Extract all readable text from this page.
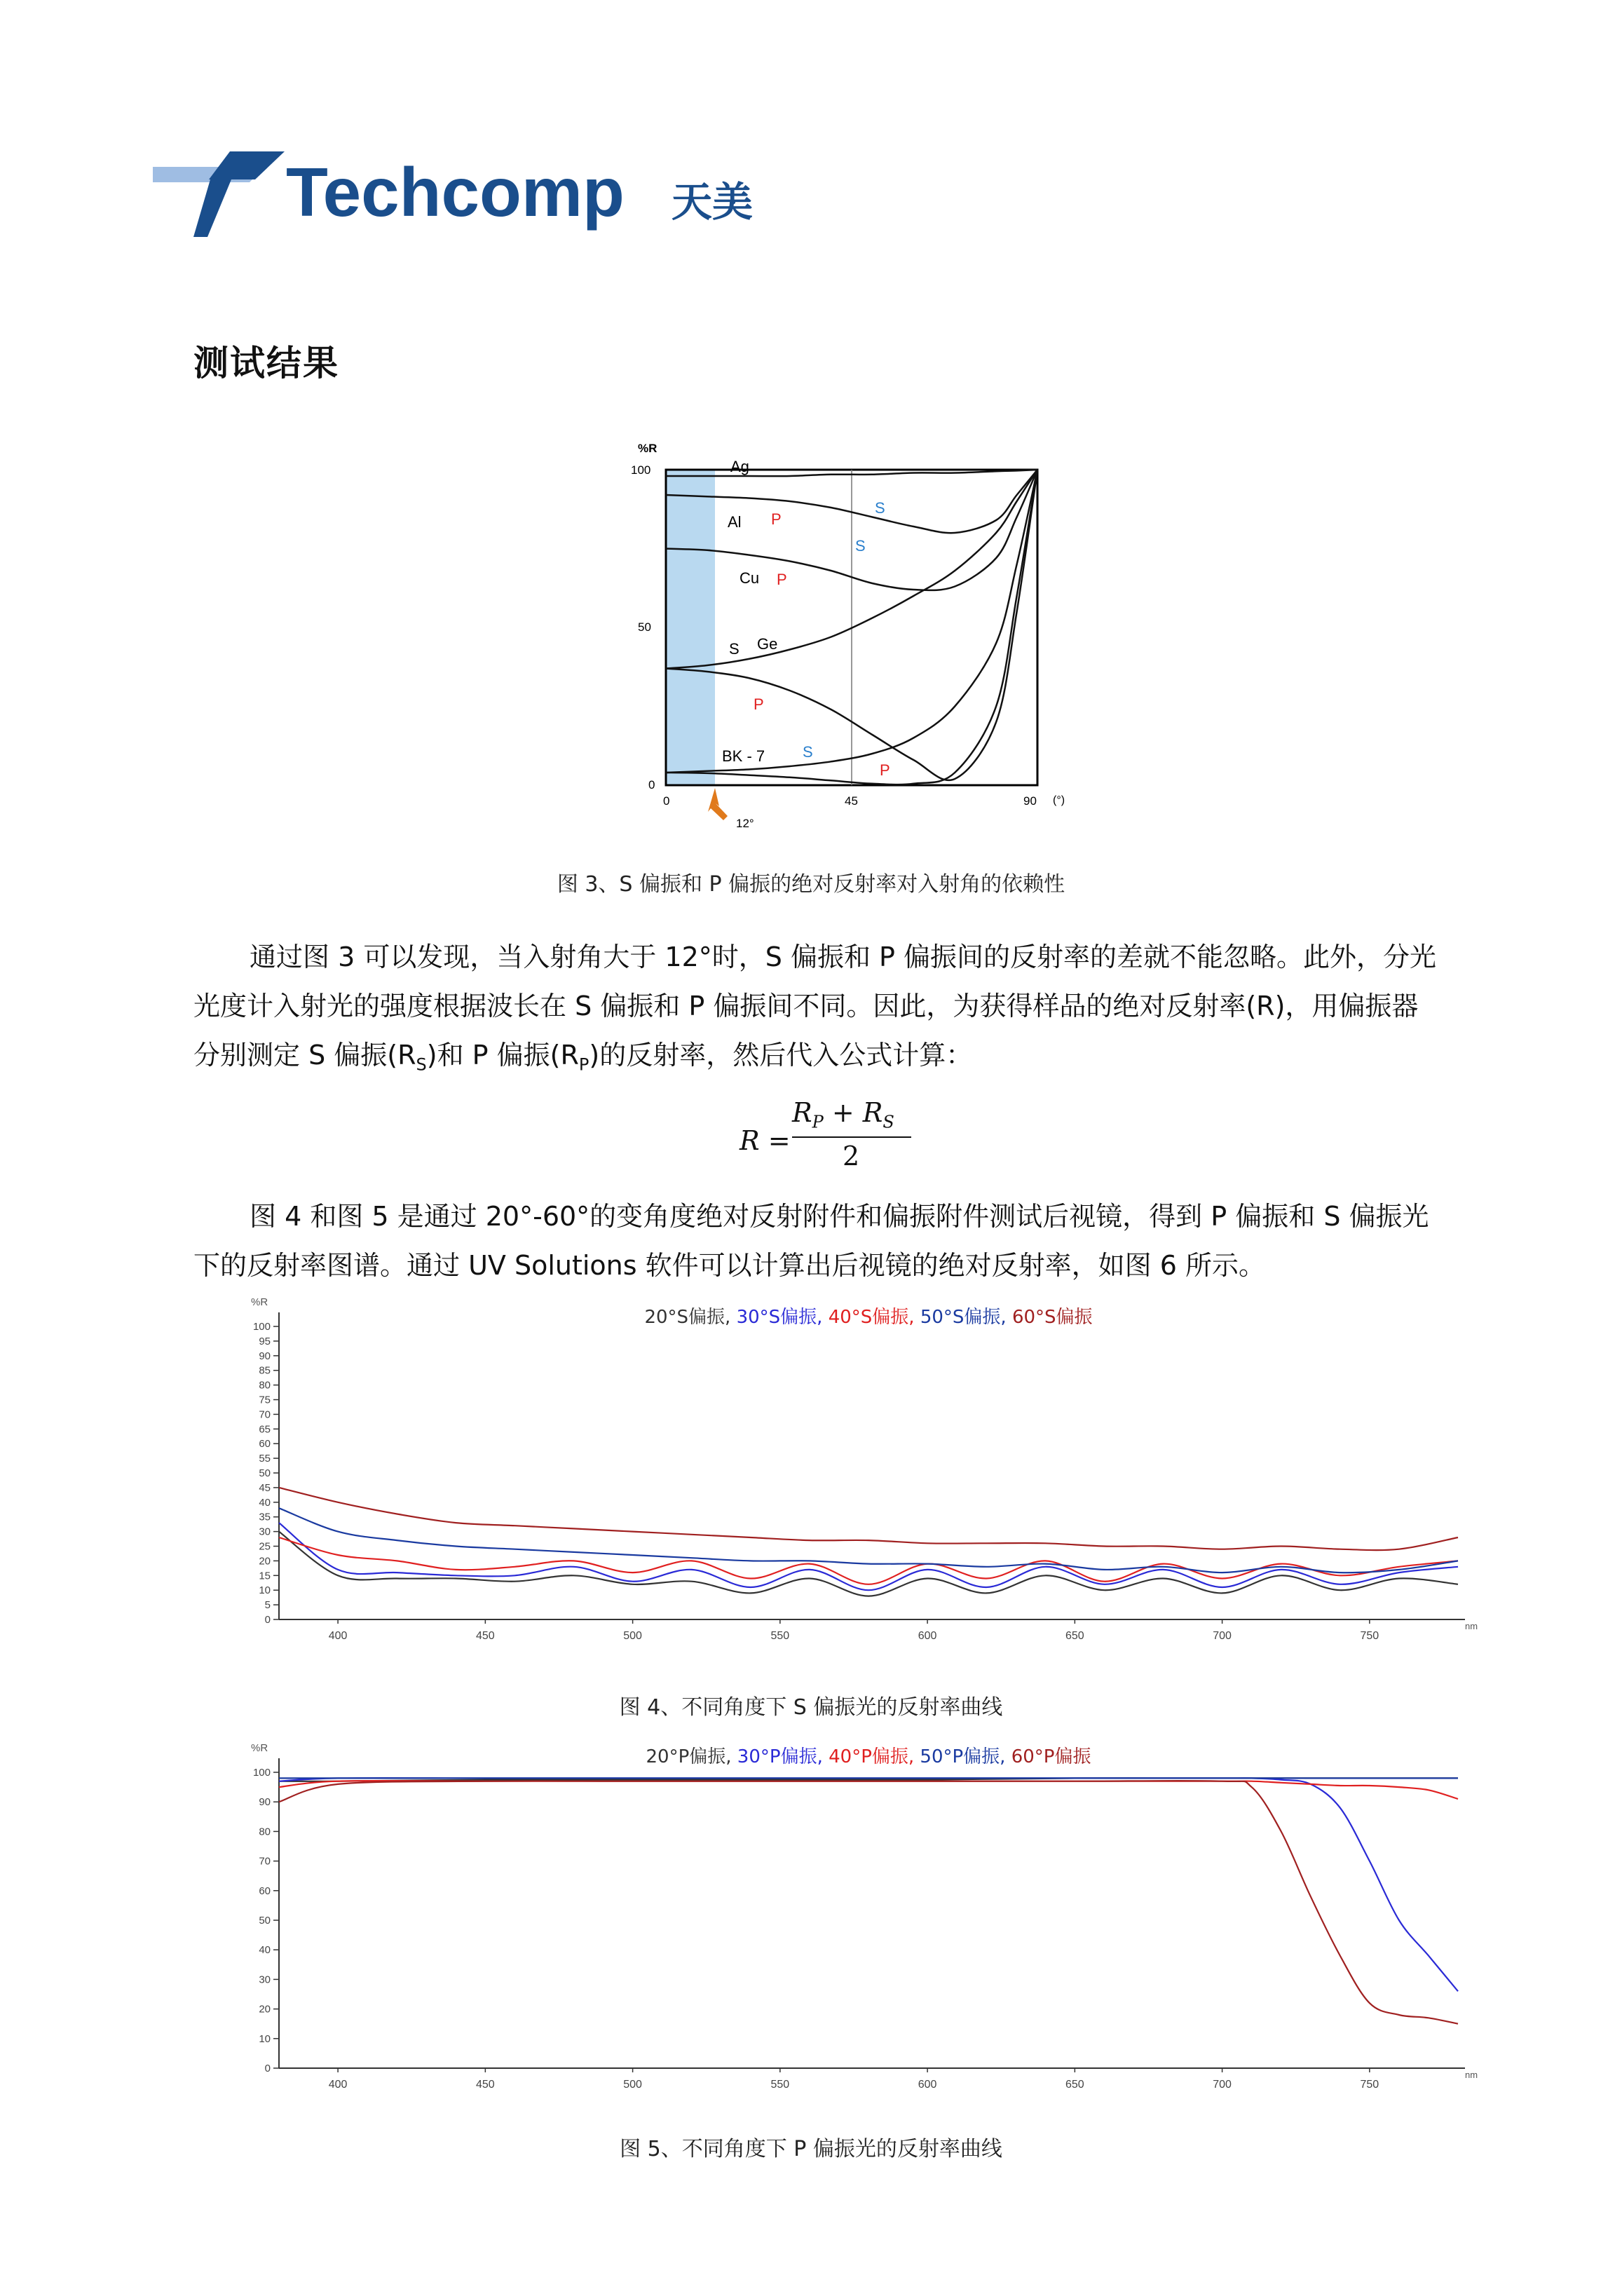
Techcomp 天美
测试结果
%R
100
50
0
0	45	90 (°)
12°
Ag
Al P
S
S
Cu P
S Ge
P
BK - 7 S
P
图 3、S 偏振和 P 偏振的绝对反射率对入射角的依赖性

通过图 3 可以发现，当入射角大于 12°时，S 偏振和 P 偏振间的反射率的差就不能忽略。此外，分光光度计入射光的强度根据波长在 S 偏振和 P 偏振间不同。因此，为获得样品的绝对反射率(R)，用偏振器分别测定 S 偏振$(R_S)$和 P 偏振$(R_P)$的反射率，然后代入公式计算：

R =
$R_P + R_S$
2

图 4 和图 5 是通过 20°-60°的变角度绝对反射附件和偏振附件测试后视镜，得到 P 偏振和 S 偏振光下的反射率图谱。通过 UV Solutions 软件可以计算出后视镜的绝对反射率，如图 6 所示。

%R
nm
0
5
10
15
20
25
30
35
40
45
50
55
60
65
70
75
80
85
90
95
100
400	450	500	550	600	650	700	750
20°S偏振, 30°S偏振, 40°S偏振, 50°S偏振, 60°S偏振
图 4、不同角度下 S 偏振光的反射率曲线
%R
nm
0
10
20
30
40
50
60
70
80
90
100
400	450	500	550	600	650	700	750
20°P偏振, 30°P偏振, 40°P偏振, 50°P偏振, 60°P偏振
图 5、不同角度下 P 偏振光的反射率曲线
